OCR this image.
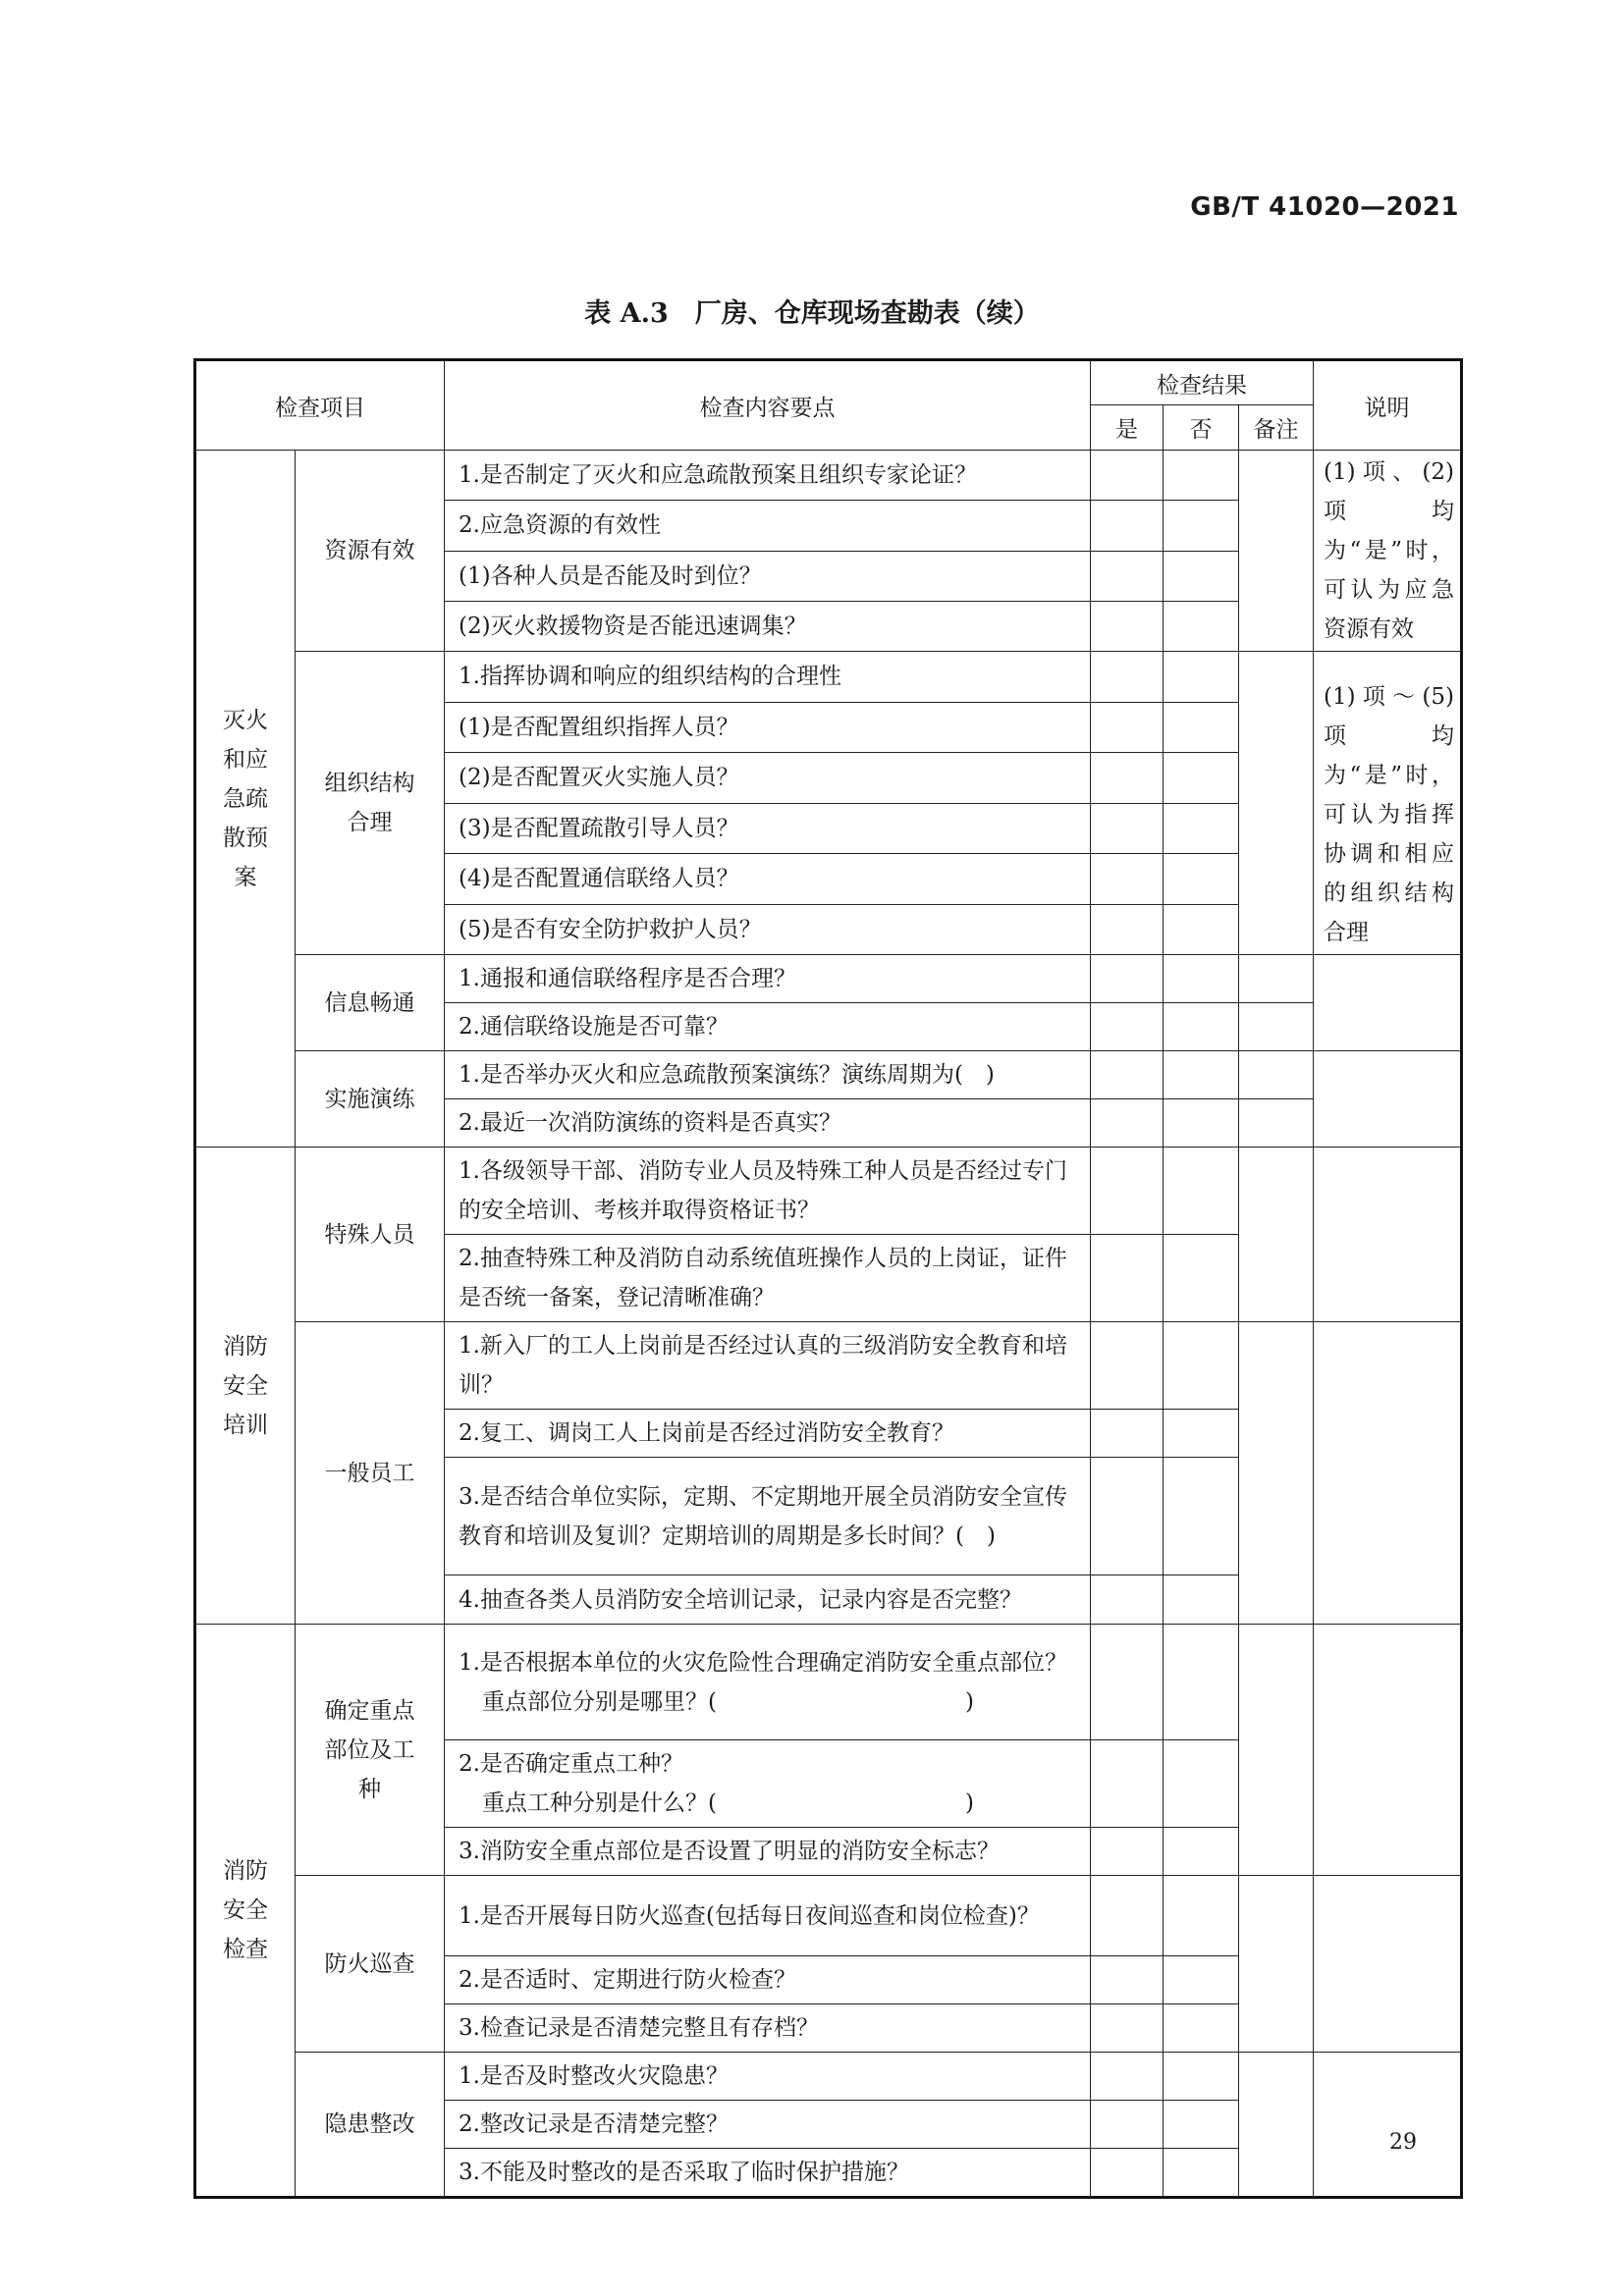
GB/T 41020—2021
表 A.3　厂房、仓库现场查勘表（续）
检查项目		检查内容要点	检查结果			说明
			是	否	备注	
灭火和应急疏散预案	资源有效	1.是否制定了灭火和应急疏散预案且组织专家论证？				(1)项、(2)项均为“是”时，可认为应急资源有效
		2.应急资源的有效性				
		(1)各种人员是否能及时到位？				
		(2)灭火救援物资是否能迅速调集？				
	组织结构合理	1.指挥协调和响应的组织结构的合理性				(1)项～(5)项均为“是”时，可认为指挥协调和相应的组织结构合理
		(1)是否配置组织指挥人员？				
		(2)是否配置灭火实施人员？				
		(3)是否配置疏散引导人员？				
		(4)是否配置通信联络人员？				
		(5)是否有安全防护救护人员？				
	信息畅通	1.通报和通信联络程序是否合理？				
		2.通信联络设施是否可靠？				
	实施演练	1.是否举办灭火和应急疏散预案演练？演练周期为(　)				
		2.最近一次消防演练的资料是否真实？				
消防安全培训	特殊人员	1.各级领导干部、消防专业人员及特殊工种人员是否经过专门的安全培训、考核并取得资格证书？				
		2.抽查特殊工种及消防自动系统值班操作人员的上岗证，证件是否统一备案，登记清晰准确？				
	一般员工	1.新入厂的工人上岗前是否经过认真的三级消防安全教育和培训？				
		2.复工、调岗工人上岗前是否经过消防安全教育？				
		3.是否结合单位实际，定期、不定期地开展全员消防安全宣传教育和培训及复训？定期培训的周期是多长时间？(　)				
		4.抽查各类人员消防安全培训记录，记录内容是否完整？				
消防安全检查	确定重点部位及工种	1.是否根据本单位的火灾危险性合理确定消防安全重点部位？
重点部位分别是哪里？(　　　　　　　　　　　)				

		2.是否确定重点工种？
重点工种分别是什么？(　　　　　　　　　　　)				

		3.消防安全重点部位是否设置了明显的消防安全标志？				
	防火巡查	1.是否开展每日防火巡查(包括每日夜间巡查和岗位检查)？				
		2.是否适时、定期进行防火检查？				
		3.检查记录是否清楚完整且有存档？				
	隐患整改	1.是否及时整改火灾隐患？				
		2.整改记录是否清楚完整？				
		3.不能及时整改的是否采取了临时保护措施？				
29
